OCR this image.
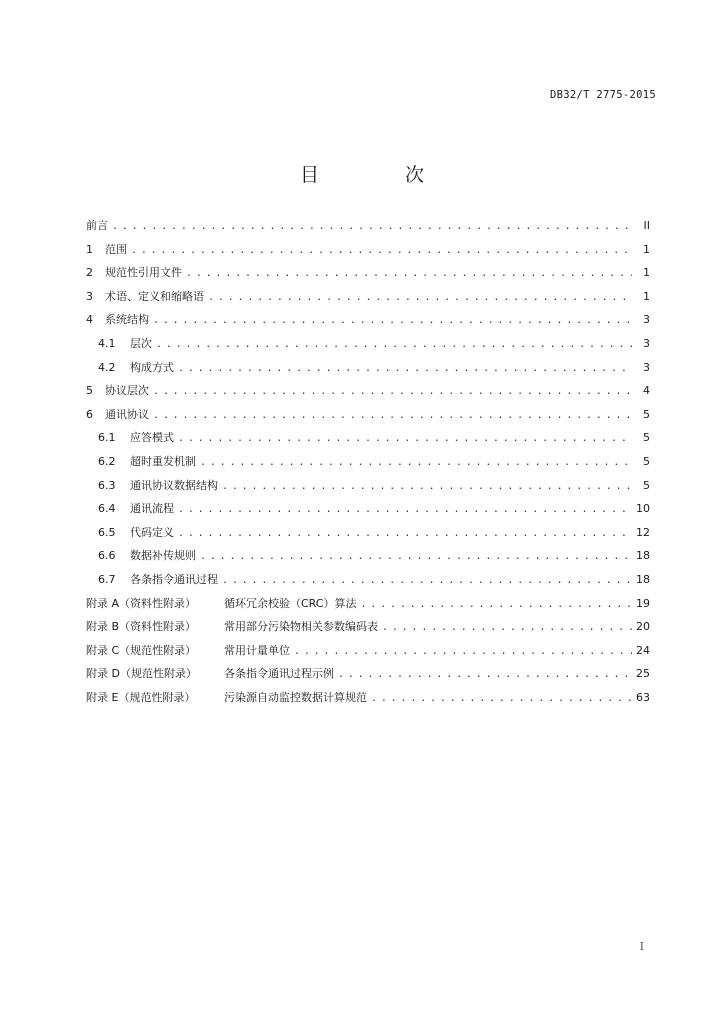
DB32/T 2775-2015
目 次
前言 . . .	II
1	范围 . . .	1
2	规范性引用文件 . . .	1
3	术语、定义和缩略语 . . .	1
4	系统结构 . . .	3
4.1	层次 . . .	3
4.2	构成方式 . . .	3
5	协议层次 . . .	4
6	通讯协议 . . .	5
6.1	应答模式 . . .	5
6.2	超时重发机制 . . .	5
6.3	通讯协议数据结构 . . .	5
6.4	通讯流程 . . .	10
6.5	代码定义 . . .	12
6.6	数据补传规则 . . .	18
6.7	各条指令通讯过程 . . .	18
附录 A（资料性附录）	循环冗余校验（CRC）算法 . . .	19
附录 B（资料性附录）	常用部分污染物相关参数编码表 . . .	20
附录 C（规范性附录）	常用计量单位 . . .	24
附录 D（规范性附录）	各条指令通讯过程示例 . . .	25
附录 E（规范性附录）	污染源自动监控数据计算规范 . . .	63
I
